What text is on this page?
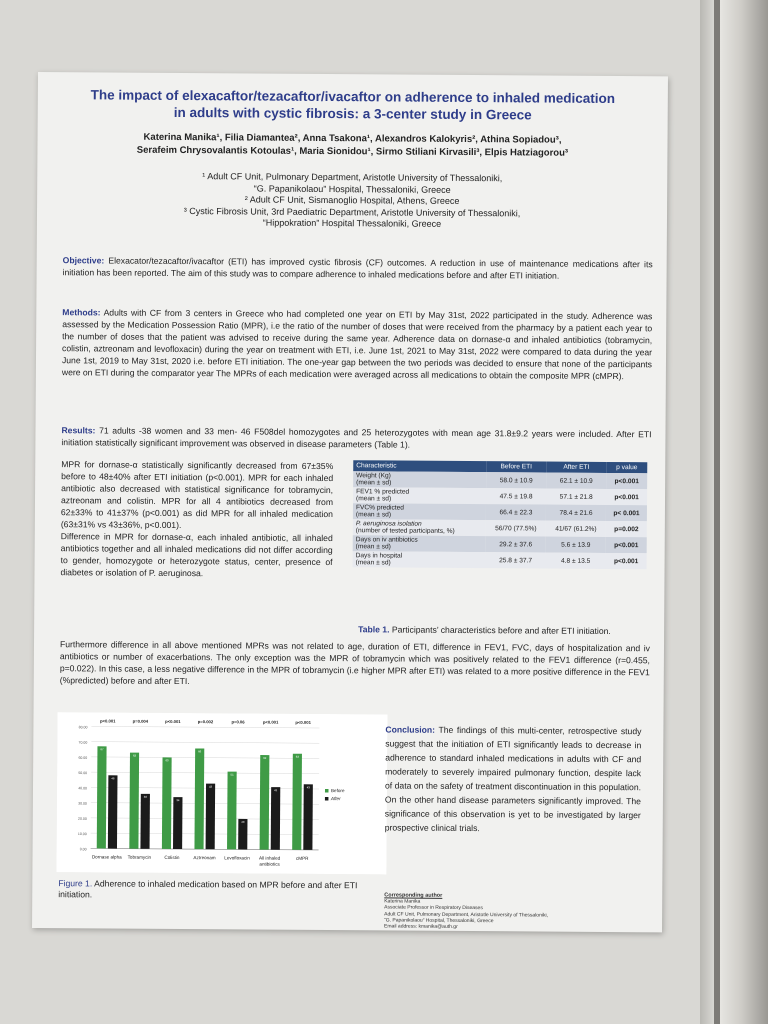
The impact of elexacaftor/tezacaftor/ivacaftor on adherence to inhaled medication
in adults with cystic fibrosis: a 3-center study in Greece
Katerina Manika¹, Filia Diamantea², Anna Tsakona¹, Alexandros Kalokyris², Athina Sopiadou³,
Serafeim Chrysovalantis Kotoulas¹, Maria Sionidou¹, Sirmo Stiliani Kirvasili³, Elpis Hatziagorou³
¹ Adult CF Unit, Pulmonary Department, Aristotle University of Thessaloniki,
“G. Papanikolaou” Hospital, Thessaloniki, Greece
² Adult CF Unit, Sismanoglio Hospital, Athens, Greece
³ Cystic Fibrosis Unit, 3rd Paediatric Department, Aristotle University of Thessaloniki,
“Hippokration” Hospital Thessaloniki, Greece
Objective: Elexacator/tezacaftor/ivacaftor (ETI) has improved cystic fibrosis (CF) outcomes. A reduction in use of maintenance medications after its initiation has been reported. The aim of this study was to compare adherence to inhaled medications before and after ETI initiation.
Methods: Adults with CF from 3 centers in Greece who had completed one year on ETI by May 31st, 2022 participated in the study. Adherence was assessed by the Medication Possession Ratio (MPR), i.e the ratio of the number of doses that were received from the pharmacy by a patient each year to the number of doses that the patient was advised to receive during the same year. Adherence data on dornase-α and inhaled antibiotics (tobramycin, colistin, aztreonam and levofloxacin) during the year on treatment with ETI, i.e. June 1st, 2021 to May 31st, 2022 were compared to data during the year June 1st, 2019 to May 31st, 2020 i.e. before ETI initiation. The one-year gap between the two periods was decided to ensure that none of the participants were on ETI during the comparator year The MPRs of each medication were averaged across all medications to obtain the composite MPR (cMPR).
Results: 71 adults -38 women and 33 men- 46 F508del homozygotes and 25 heterozygotes with mean age 31.8±9.2 years were included. After ETI initiation statistically significant improvement was observed in disease parameters (Table 1).
MPR for dornase-α statistically significantly decreased from 67±35% before to 48±40% after ETI initiation (p<0.001). MPR for each inhaled antibiotic also decreased with statistical significance for tobramycin, aztreonam and colistin. MPR for all 4 antibiotics decreased from 62±33% to 41±37% (p<0.001) as did MPR for all inhaled medication (63±31% vs 43±36%, p<0.001).
Difference in MPR for dornase-α, each inhaled antibiotic, all inhaled antibiotics together and all inhaled medications did not differ according to gender, homozygote or heterozygote status, center, presence of diabetes or isolation of P. aeruginosa.
Characteristic	Before ETI	After ETI	p value

Weight (Kg)
(mean ± sd)	58.0 ± 10.9	62.1 ± 10.9	p<0.001

FEV1 % predicted
(mean ± sd)	47.5 ± 19.8	57.1 ± 21.8	p<0.001

FVC% predicted
(mean ± sd)	66.4 ± 22.3	78.4 ± 21.6	p< 0.001

P. aeruginosa isolation
(number of tested participants, %)	56/70 (77.5%)	41/67 (61.2%)	p=0.002

Days on iv antibiotics
(mean ± sd)	29.2 ± 37.6	5.6 ± 13.9	p<0.001

Days in hospital
(mean ± sd)	25.8 ± 37.7	4.8 ± 13.5	p<0.001
Table 1. Participants’ characteristics before and after ETI initiation.
Furthermore difference in all above mentioned MPRs was not related to age, duration of ETI, difference in FEV1, FVC, days of hospitalization and iv antibiotics or number of exacerbations. The only exception was the MPR of tobramycin which was positively related to the FEV1 difference (r=0.455, p=0.022). In this case, a less negative difference in the MPR of tobramycin (i.e higher MPR after ETI) was related to a more positive difference in the FEV1 (%predicted) before and after ETI.
0.00
10.00
20.00
30.00
40.00
50.00
60.00
70.00
80.00
67
48
p<0.001
Dornase alpha
63
36
p=0.004
Tobramycin
60
34
p<0.001
Colistin
66
43
p=0.002
Aztreonam
51
20
p=0.06
Levofloxacin
62
41
p<0.001
All inhaled
antibiotics
63
43
p<0.001
cMPR
Before
After
Figure 1. Adherence to inhaled medication based on MPR before and after ETI initiation.
Conclusion: The findings of this multi-center, retrospective study suggest that the initiation of ETI significantly leads to decrease in adherence to standard inhaled medications in adults with CF and moderately to severely impaired pulmonary function, despite lack of data on the safety of treatment discontinuation in this population. On the other hand disease parameters significantly improved. The significance of this observation is yet to be investigated by larger prospective clinical trials.
Corresponding author
Katerina Manika
Associate Professor in Respiratory Diseases
Adult CF Unit, Pulmonary Department, Aristotle University of Thessaloniki,
“G. Papanikolaou” Hospital, Thessaloniki, Greece
Email address: kmanika@auth.gr
